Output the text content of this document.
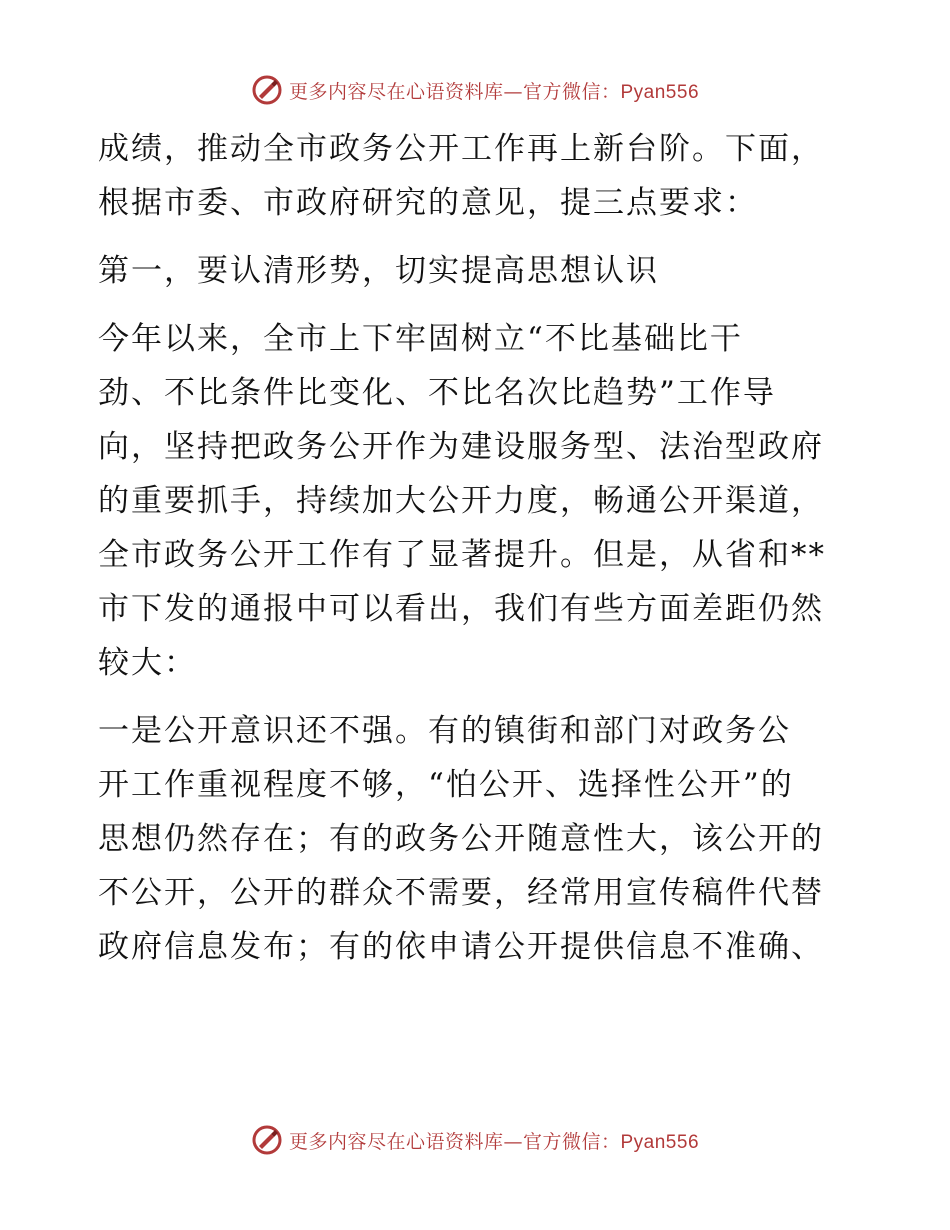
更多内容尽在心语资料库—官方微信：Pyan556
成绩，推动全市政务公开工作再上新台阶。下面，
根据市委、市政府研究的意见，提三点要求：
第一，要认清形势，切实提高思想认识
今年以来，全市上下牢固树立“不比基础比干
劲、不比条件比变化、不比名次比趋势”工作导
向，坚持把政务公开作为建设服务型、法治型政府
的重要抓手，持续加大公开力度，畅通公开渠道，
全市政务公开工作有了显著提升。但是，从省和**
市下发的通报中可以看出，我们有些方面差距仍然
较大：
一是公开意识还不强。有的镇街和部门对政务公
开工作重视程度不够，“怕公开、选择性公开”的
思想仍然存在；有的政务公开随意性大，该公开的
不公开，公开的群众不需要，经常用宣传稿件代替
政府信息发布；有的依申请公开提供信息不准确、
更多内容尽在心语资料库—官方微信：Pyan556
